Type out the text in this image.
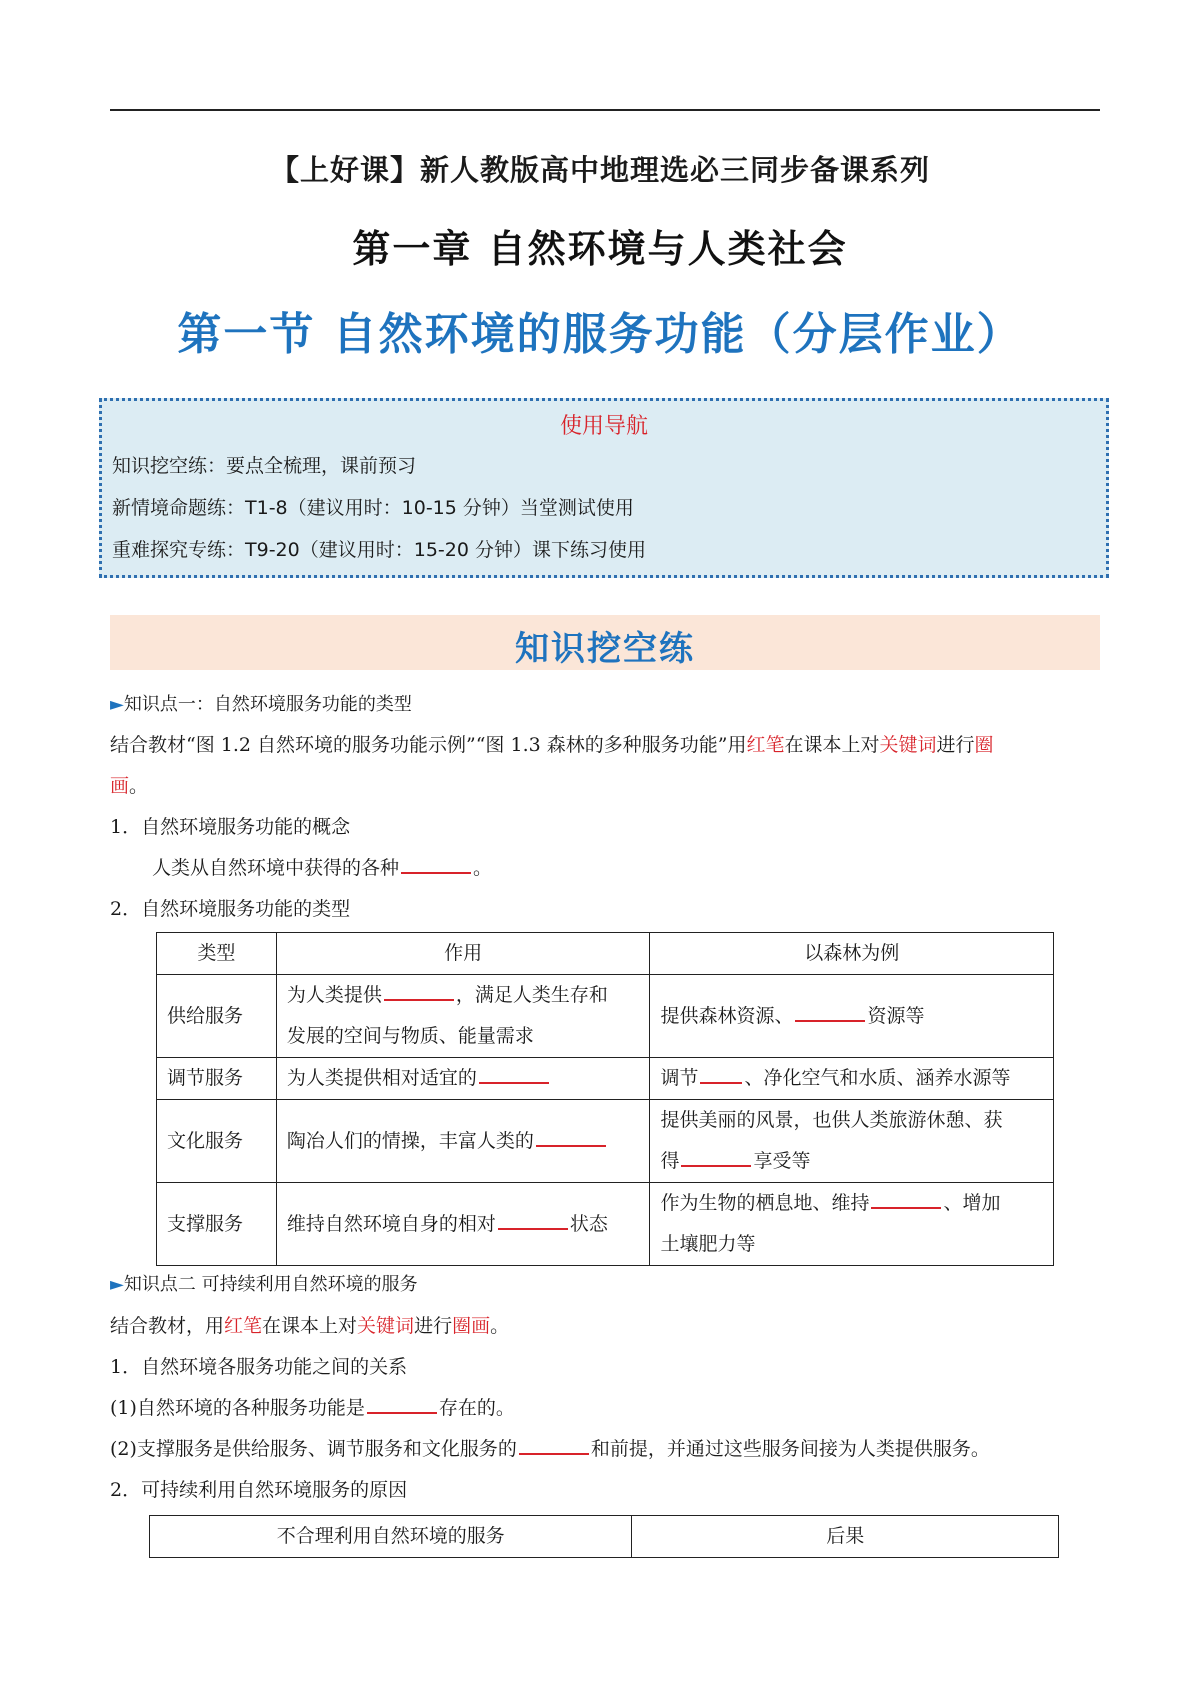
【上好课】新人教版高中地理选必三同步备课系列
第一章 自然环境与人类社会
第一节 自然环境的服务功能（分层作业）
使用导航
知识挖空练：要点全梳理，课前预习
新情境命题练：T1-8（建议用时：10-15 分钟）当堂测试使用
重难探究专练：T9-20（建议用时：15-20 分钟）课下练习使用
知识挖空练
►知识点一：自然环境服务功能的类型
结合教材“图 1.2 自然环境的服务功能示例”“图 1.3 森林的多种服务功能”用红笔在课本上对关键词进行圈
画。
1．自然环境服务功能的概念
人类从自然环境中获得的各种	。
2．自然环境服务功能的类型
类型	作用	以森林为例
供给服务	为人类提供 ，满足人类生存和
发展的空间与物质、能量需求	提供森林资源、 资源等
调节服务	为人类提供相对适宜的	调节 、净化空气和水质、涵养水源等
文化服务	陶冶人们的情操，丰富人类的	提供美丽的风景，也供人类旅游休憩、获
得 享受等
支撑服务	维持自然环境自身的相对 状态	作为生物的栖息地、维持 、增加
土壤肥力等
►知识点二 可持续利用自然环境的服务
结合教材，用红笔在课本上对关键词进行圈画。
1．自然环境各服务功能之间的关系
(1)自然环境的各种服务功能是	存在的。
(2)支撑服务是供给服务、调节服务和文化服务的	和前提，并通过这些服务间接为人类提供服务。
2．可持续利用自然环境服务的原因
不合理利用自然环境的服务	后果
